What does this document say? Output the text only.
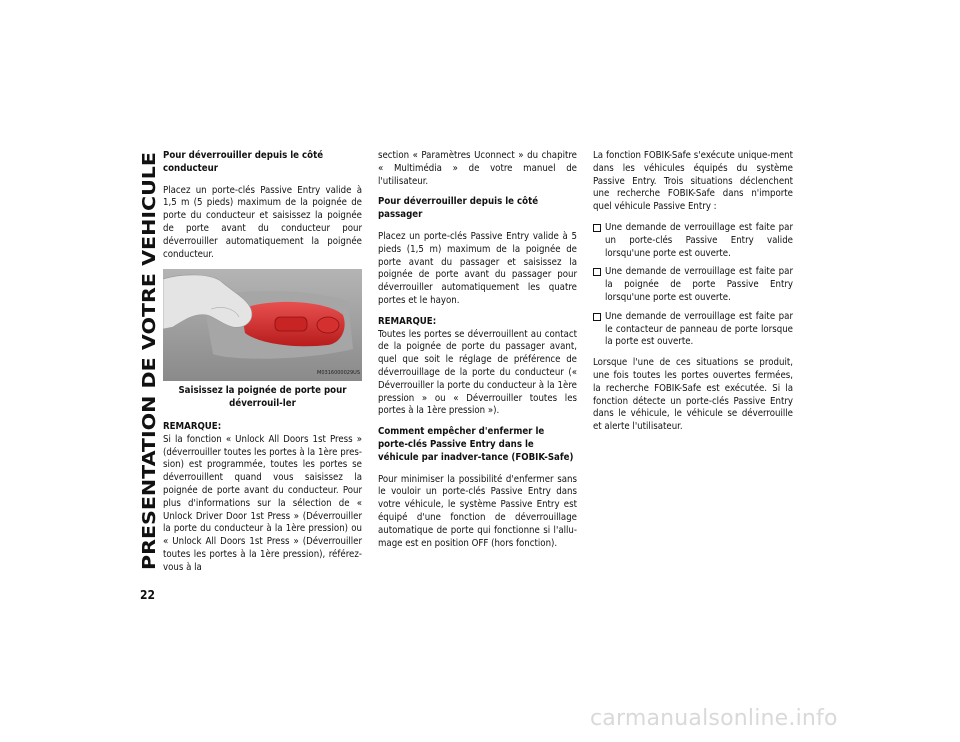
PRESENTATION DE VOTRE VEHICULE
22

Pour déverrouiller depuis le côté conducteur

Placez un porte-clés Passive Entry valide à 1,5 m (5 pieds) maximum de la poignée de porte du conducteur et saisissez la poignée de porte avant du conducteur pour déverrouiller automatiquement la poignée conducteur.

M0316000029US

Saisissez la poignée de porte pour déverrouil-ler

REMARQUE:
Si la fonction « Unlock All Doors 1st Press » (déverrouiller toutes les portes à la 1ère pres-sion) est programmée, toutes les portes se déverrouillent quand vous saisissez la poignée de porte avant du conducteur. Pour plus d'informations sur la sélection de « Unlock Driver Door 1st Press » (Déverrouiller la porte du conducteur à la 1ère pression) ou « Unlock All Doors 1st Press » (Déverrouiller toutes les portes à la 1ère pression), référez-vous à la

section « Paramètres Uconnect » du chapitre « Multimédia » de votre manuel de l'utilisateur.

Pour déverrouiller depuis le côté passager

Placez un porte-clés Passive Entry valide à 5 pieds (1,5 m) maximum de la poignée de porte avant du passager et saisissez la poignée de porte avant du passager pour déverrouiller automatiquement les quatre portes et le hayon.

REMARQUE:
Toutes les portes se déverrouillent au contact de la poignée de porte du passager avant, quel que soit le réglage de préférence de déverrouillage de la porte du conducteur (« Déverrouiller la porte du conducteur à la 1ère pression » ou « Déverrouiller toutes les portes à la 1ère pression »).

Comment empêcher d'enfermer le porte-clés Passive Entry dans le véhicule par inadver-tance (FOBIK-Safe)

Pour minimiser la possibilité d'enfermer sans le vouloir un porte-clés Passive Entry dans votre véhicule, le système Passive Entry est équipé d'une fonction de déverrouillage automatique de porte qui fonctionne si l'allu-mage est en position OFF (hors fonction).

La fonction FOBIK-Safe s'exécute unique-ment dans les véhicules équipés du système Passive Entry. Trois situations déclenchent une recherche FOBIK-Safe dans n'importe quel véhicule Passive Entry :

Une demande de verrouillage est faite par un porte-clés Passive Entry valide lorsqu'une porte est ouverte.
Une demande de verrouillage est faite par la poignée de porte Passive Entry lorsqu'une porte est ouverte.
Une demande de verrouillage est faite par le contacteur de panneau de porte lorsque la porte est ouverte.

Lorsque l'une de ces situations se produit, une fois toutes les portes ouvertes fermées, la recherche FOBIK-Safe est exécutée. Si la fonction détecte un porte-clés Passive Entry dans le véhicule, le véhicule se déverrouille et alerte l'utilisateur.

carmanualsonline.info
